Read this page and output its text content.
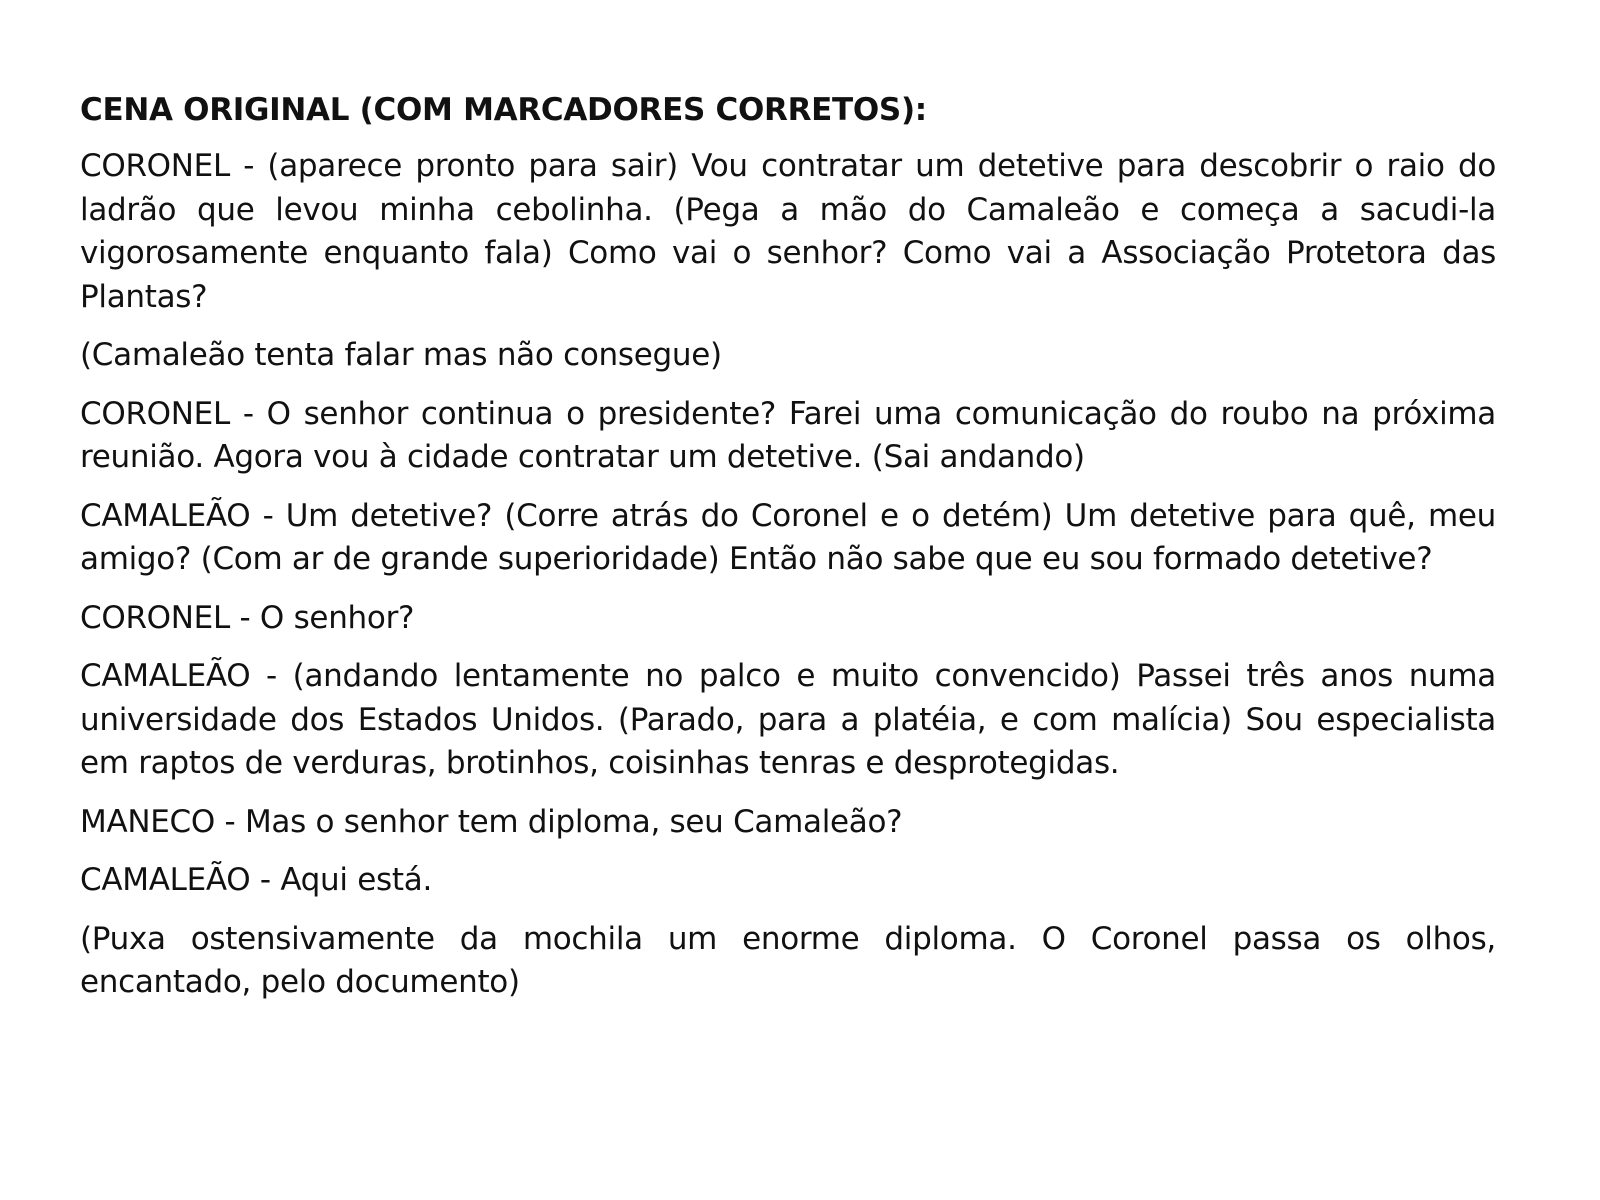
CENA ORIGINAL (COM MARCADORES CORRETOS):

CORONEL - (aparece pronto para sair) Vou contratar um detetive para descobrir o raio do ladrão que levou minha cebolinha. (Pega a mão do Camaleão e começa a sacudi-la vigorosamente enquanto fala) Como vai o senhor? Como vai a Associação Protetora das Plantas?

(Camaleão tenta falar mas não consegue)

CORONEL - O senhor continua o presidente? Farei uma comunicação do roubo na próxima reunião. Agora vou à cidade contratar um detetive. (Sai andando)

CAMALEÃO - Um detetive? (Corre atrás do Coronel e o detém) Um detetive para quê, meu amigo? (Com ar de grande superioridade) Então não sabe que eu sou formado detetive?

CORONEL - O senhor?

CAMALEÃO - (andando lentamente no palco e muito convencido) Passei três anos numa universidade dos Estados Unidos. (Parado, para a platéia, e com malícia) Sou especialista em raptos de verduras, brotinhos, coisinhas tenras e desprotegidas.

MANECO - Mas o senhor tem diploma, seu Camaleão?

CAMALEÃO - Aqui está.

(Puxa ostensivamente da mochila um enorme diploma. O Coronel passa os olhos, encantado, pelo documento)
